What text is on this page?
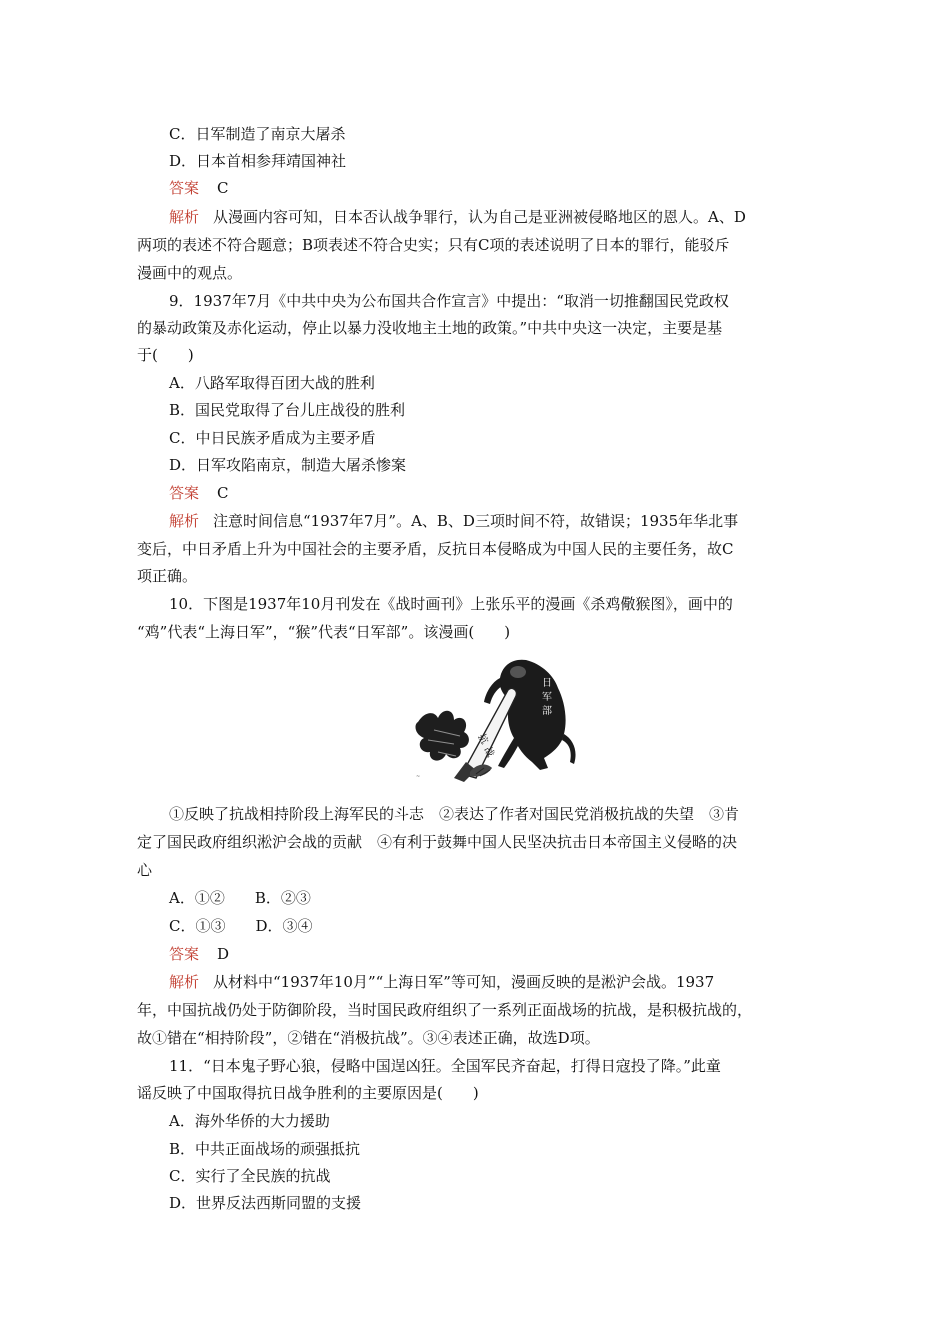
C．日军制造了南京大屠杀
D．日本首相参拜靖国神社
答案 C
解析 从漫画内容可知，日本否认战争罪行，认为自己是亚洲被侵略地区的恩人。A、D
两项的表述不符合题意；B项表述不符合史实；只有C项的表述说明了日本的罪行，能驳斥
漫画中的观点。
9．1937年7月《中共中央为公布国共合作宣言》中提出：“取消一切推翻国民党政权
的暴动政策及赤化运动，停止以暴力没收地主土地的政策。”中共中央这一决定，主要是基
于(　　)
A．八路军取得百团大战的胜利
B．国民党取得了台儿庄战役的胜利
C．中日民族矛盾成为主要矛盾
D．日军攻陷南京，制造大屠杀惨案
答案 C
解析 注意时间信息“1937年7月”。A、B、D三项时间不符，故错误；1935年华北事
变后，中日矛盾上升为中国社会的主要矛盾，反抗日本侵略成为中国人民的主要任务，故C
项正确。
10．下图是1937年10月刊发在《战时画刊》上张乐平的漫画《杀鸡儆猴图》，画中的
“鸡”代表“上海日军”，“猴”代表“日军部”。该漫画(　　)
日
军
部
抗
战
~
①反映了抗战相持阶段上海军民的斗志　②表达了作者对国民党消极抗战的失望　③肯
定了国民政府组织淞沪会战的贡献　④有利于鼓舞中国人民坚决抗击日本帝国主义侵略的决
心
A．①②　　B．②③
C．①③　　D．③④
答案 D
解析 从材料中“1937年10月”“上海日军”等可知，漫画反映的是淞沪会战。1937
年，中国抗战仍处于防御阶段，当时国民政府组织了一系列正面战场的抗战，是积极抗战的，
故①错在“相持阶段”，②错在“消极抗战”。③④表述正确，故选D项。
11．“日本鬼子野心狼，侵略中国逞凶狂。全国军民齐奋起，打得日寇投了降。”此童
谣反映了中国取得抗日战争胜利的主要原因是(　　)
A．海外华侨的大力援助
B．中共正面战场的顽强抵抗
C．实行了全民族的抗战
D．世界反法西斯同盟的支援
